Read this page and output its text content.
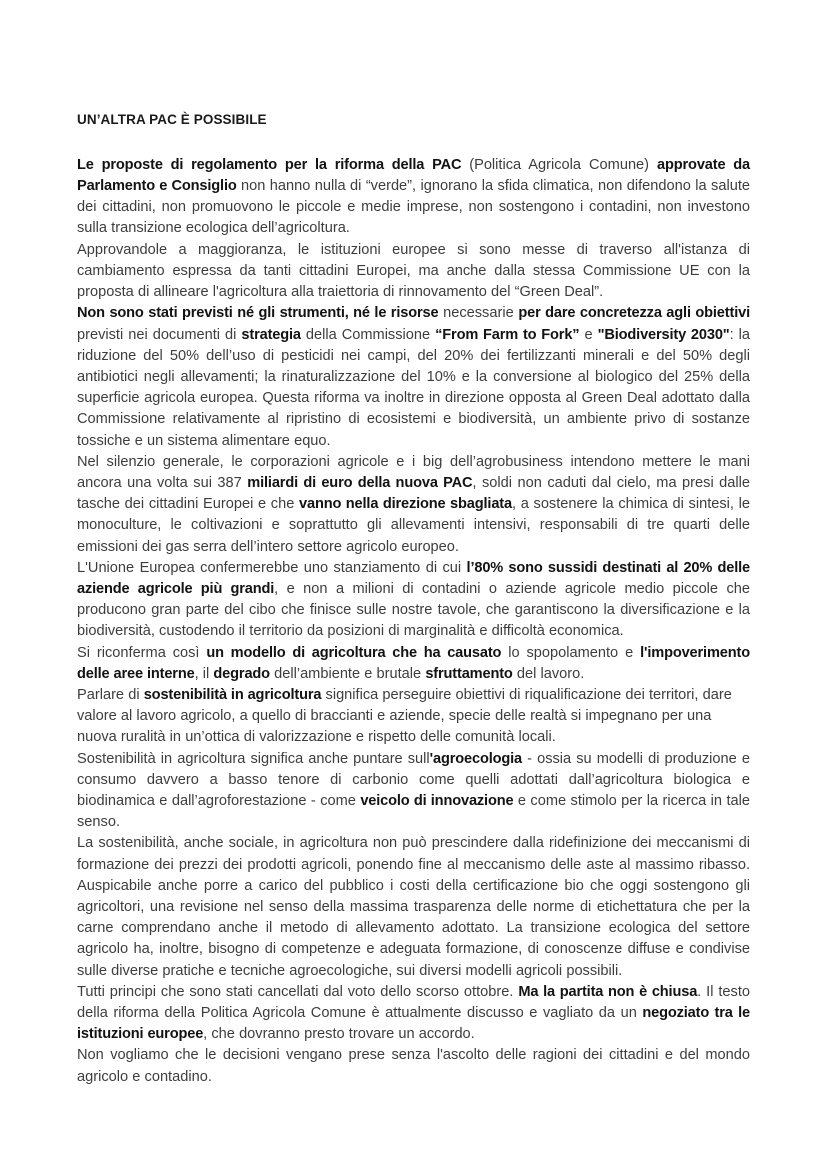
UN’ALTRA PAC È POSSIBILE

Le proposte di regolamento per la riforma della PAC (Politica Agricola Comune) approvate da Parlamento e Consiglio non hanno nulla di “verde”, ignorano la sfida climatica, non difendono la salute dei cittadini, non promuovono le piccole e medie imprese, non sostengono i contadini, non investono sulla transizione ecologica dell’agricoltura.

Approvandole a maggioranza, le istituzioni europee si sono messe di traverso all'istanza di cambiamento espressa da tanti cittadini Europei, ma anche dalla stessa Commissione UE con la proposta di allineare l'agricoltura alla traiettoria di rinnovamento del “Green Deal”.

Non sono stati previsti né gli strumenti, né le risorse necessarie per dare concretezza agli obiettivi previsti nei documenti di strategia della Commissione “From Farm to Fork” e "Biodiversity 2030": la riduzione del 50% dell’uso di pesticidi nei campi, del 20% dei fertilizzanti minerali e del 50% degli antibiotici negli allevamenti; la rinaturalizzazione del 10% e la conversione al biologico del 25% della superficie agricola europea. Questa riforma va inoltre in direzione opposta al Green Deal adottato dalla Commissione relativamente al ripristino di ecosistemi e biodiversità, un ambiente privo di sostanze tossiche e un sistema alimentare equo.

Nel silenzio generale, le corporazioni agricole e i big dell’agrobusiness intendono mettere le mani ancora una volta sui 387 miliardi di euro della nuova PAC, soldi non caduti dal cielo, ma presi dalle tasche dei cittadini Europei e che vanno nella direzione sbagliata, a sostenere la chimica di sintesi, le monoculture, le coltivazioni e soprattutto gli allevamenti intensivi, responsabili di tre quarti delle emissioni dei gas serra dell’intero settore agricolo europeo.

L'Unione Europea confermerebbe uno stanziamento di cui l’80% sono sussidi destinati al 20% delle aziende agricole più grandi, e non a milioni di contadini o aziende agricole medio piccole che producono gran parte del cibo che finisce sulle nostre tavole, che garantiscono la diversificazione e la biodiversità, custodendo il territorio da posizioni di marginalità e difficoltà economica.

Si riconferma così un modello di agricoltura che ha causato lo spopolamento e l'impoverimento delle aree interne, il degrado dell’ambiente e brutale sfruttamento del lavoro.

Parlare di sostenibilità in agricoltura significa perseguire obiettivi di riqualificazione dei territori, dare valore al lavoro agricolo, a quello di braccianti e aziende, specie delle realtà si impegnano per una nuova ruralità in un’ottica di valorizzazione e rispetto delle comunità locali.

Sostenibilità in agricoltura significa anche puntare sull'agroecologia - ossia su modelli di produzione e consumo davvero a basso tenore di carbonio come quelli adottati dall’agricoltura biologica e biodinamica e dall’agroforestazione - come veicolo di innovazione e come stimolo per la ricerca in tale senso.

La sostenibilità, anche sociale, in agricoltura non può prescindere dalla ridefinizione dei meccanismi di formazione dei prezzi dei prodotti agricoli, ponendo fine al meccanismo delle aste al massimo ribasso. Auspicabile anche porre a carico del pubblico i costi della certificazione bio che oggi sostengono gli agricoltori, una revisione nel senso della massima trasparenza delle norme di etichettatura che per la carne comprendano anche il metodo di allevamento adottato. La transizione ecologica del settore agricolo ha, inoltre, bisogno di competenze e adeguata formazione, di conoscenze diffuse e condivise sulle diverse pratiche e tecniche agroecologiche, sui diversi modelli agricoli possibili.

Tutti principi che sono stati cancellati dal voto dello scorso ottobre. Ma la partita non è chiusa. Il testo della riforma della Politica Agricola Comune è attualmente discusso e vagliato da un negoziato tra le istituzioni europee, che dovranno presto trovare un accordo.

Non vogliamo che le decisioni vengano prese senza l'ascolto delle ragioni dei cittadini e del mondo agricolo e contadino.
